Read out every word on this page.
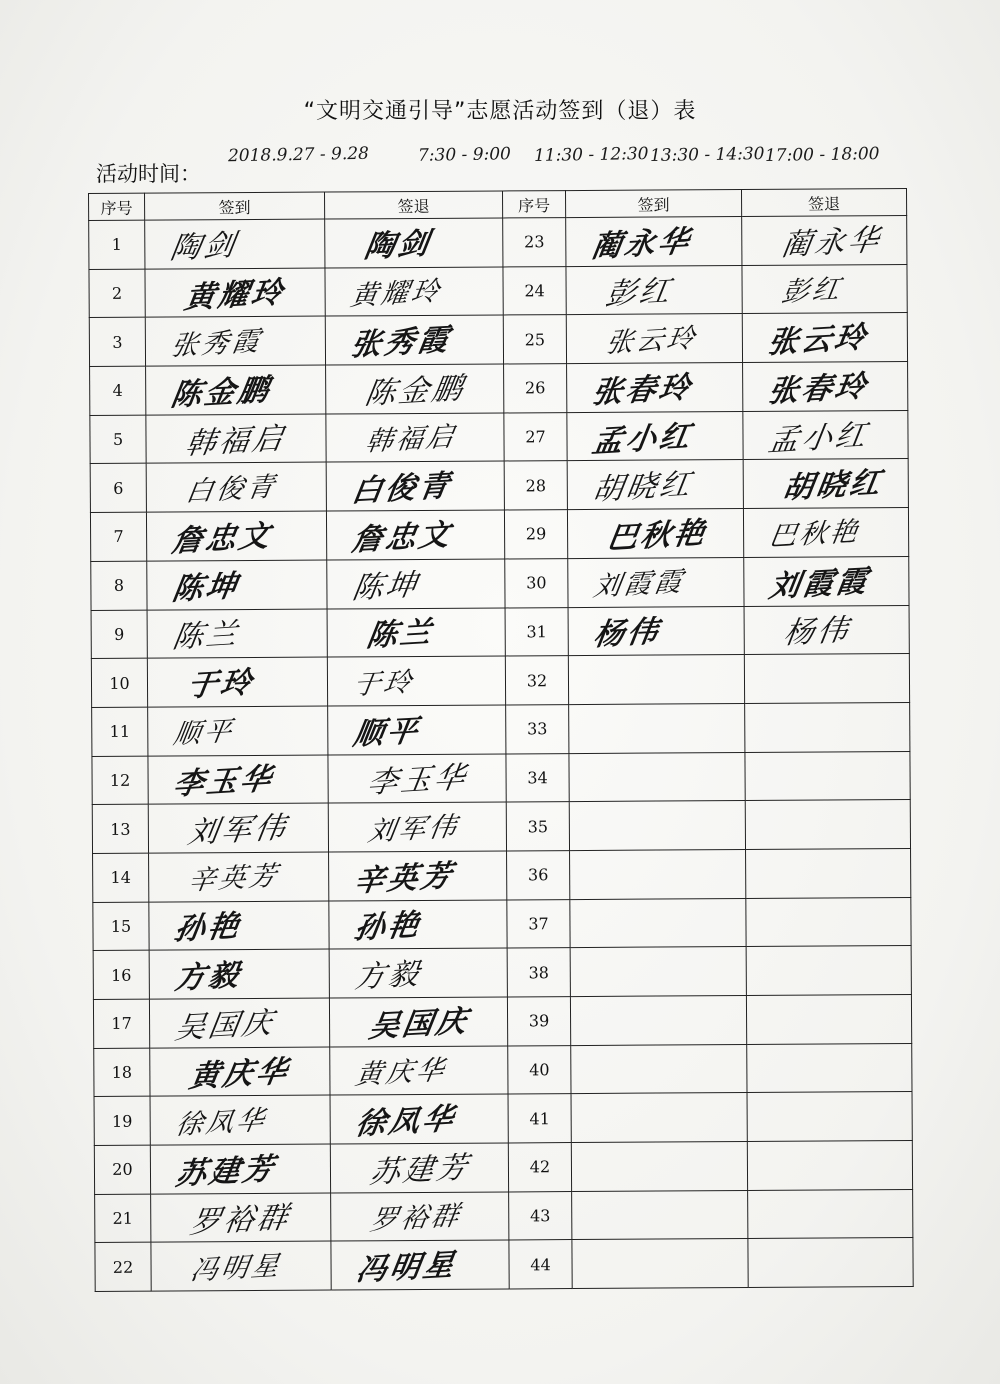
“文明交通引导”志愿活动签到（退）表
活动时间：
2018.9.27 - 9.28	7:30 - 9:00 11:30 - 12:30 13:30 - 14:30 17:00 - 18:00
序号	签到	签退	序号	签到	签退
1	陶剑	陶剑	23	蔺永华	蔺永华
2	黄耀玲	黄耀玲	24	彭红	彭红
3	张秀霞	张秀霞	25	张云玲	张云玲
4	陈金鹏	陈金鹏	26	张春玲	张春玲
5	韩福启	韩福启	27	孟小红	孟小红
6	白俊青	白俊青	28	胡晓红	胡晓红
7	詹忠文	詹忠文	29	巴秋艳	巴秋艳
8	陈坤	陈坤	30	刘霞霞	刘霞霞
9	陈兰	陈兰	31	杨伟	杨伟
10	于玲	于玲	32		
11	顺平	顺平	33		
12	李玉华	李玉华	34		
13	刘军伟	刘军伟	35		
14	辛英芳	辛英芳	36		
15	孙艳	孙艳	37		
16	方毅	方毅	38		
17	吴国庆	吴国庆	39		
18	黄庆华	黄庆华	40		
19	徐凤华	徐凤华	41		
20	苏建芳	苏建芳	42		
21	罗裕群	罗裕群	43		
22	冯明星	冯明星	44		
